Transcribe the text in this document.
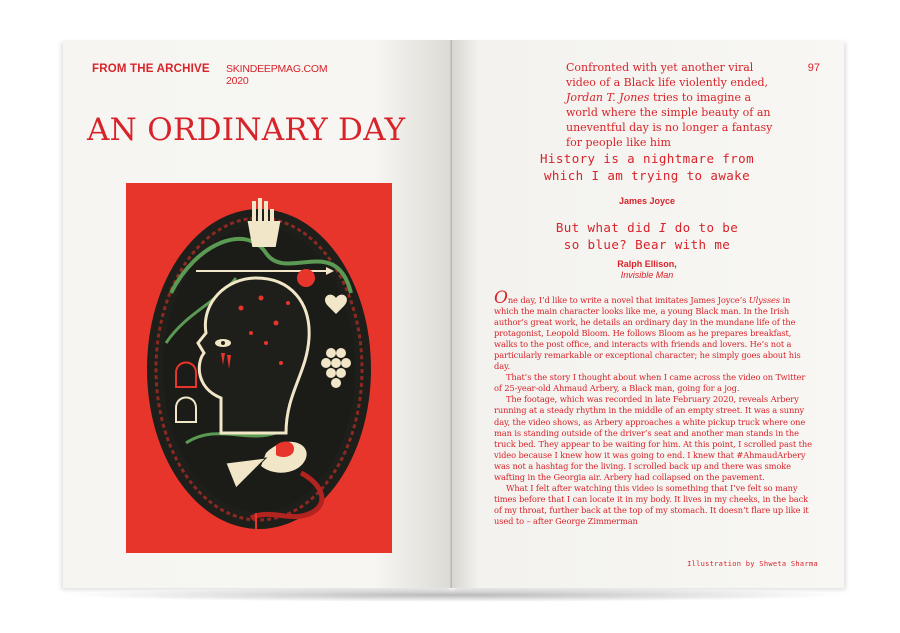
FROM THE ARCHIVE SKINDEEPMAG.COM
2020
AN ORDINARY DAY
97
Confronted with yet another viral video of a Black life violently ended, Jordan T. Jones tries to imagine a world where the simple beauty of an uneventful day is no longer a fantasy for people like him
History is a nightmare from
which I am trying to awake
James Joyce
But what did I do to be
so blue? Bear with me
Ralph Ellison,
Invisible Man

One day, I’d like to write a novel that imitates James Joyce’s Ulysses in which the main character looks like me, a young Black man. In the Irish author’s great work, he details an ordinary day in the mundane life of the protagonist, Leopold Bloom. He follows Bloom as he prepares breakfast, walks to the post office, and interacts with friends and lovers. He’s not a particularly remarkable or exceptional character; he simply goes about his day.

That’s the story I thought about when I came across the video on Twitter of 25-year-old Ahmaud Arbery, a Black man, going for a jog.

The footage, which was recorded in late February 2020, reveals Arbery running at a steady rhythm in the middle of an empty street. It was a sunny day, the video shows, as Arbery approaches a white pickup truck where one man is standing outside of the driver’s seat and another man stands in the truck bed. They appear to be waiting for him. At this point, I scrolled past the video because I knew how it was going to end. I knew that #AhmaudArbery was not a hashtag for the living. I scrolled back up and there was smoke wafting in the Georgia air. Arbery had collapsed on the pavement.

What I felt after watching this video is something that I’ve felt so many times before that I can locate it in my body. It lives in my cheeks, in the back of my throat, further back at the top of my stomach. It doesn’t flare up like it used to – after George Zimmerman

Illustration by Shweta Sharma
